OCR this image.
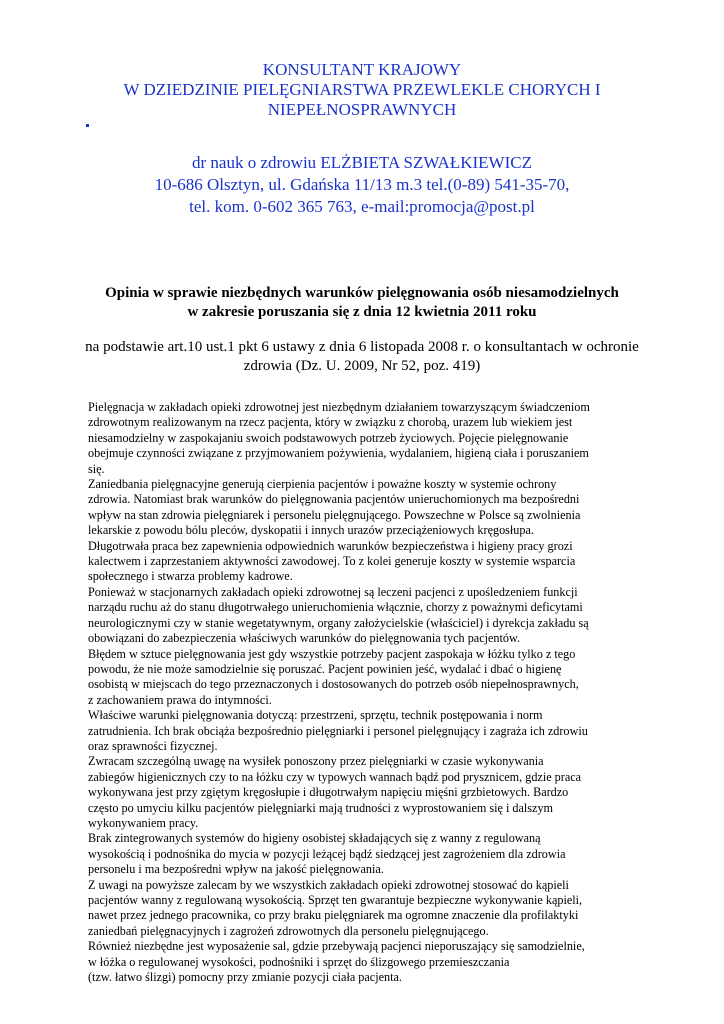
KONSULTANT KRAJOWY
W DZIEDZINIE PIELĘGNIARSTWA PRZEWLEKLE CHORYCH I
NIEPEŁNOSPRAWNYCH
dr nauk o zdrowiu ELŻBIETA SZWAŁKIEWICZ
10-686 Olsztyn, ul. Gdańska 11/13 m.3 tel.(0-89) 541-35-70,
tel. kom. 0-602 365 763, e-mail:promocja@post.pl
Opinia w sprawie niezbędnych warunków pielęgnowania osób niesamodzielnych
w zakresie poruszania się z dnia 12 kwietnia 2011 roku
na podstawie art.10 ust.1 pkt 6 ustawy z dnia 6 listopada 2008 r. o konsultantach w ochronie
zdrowia (Dz. U. 2009, Nr 52, poz. 419)
Pielęgnacja w zakładach opieki zdrowotnej jest niezbędnym działaniem towarzyszącym świadczeniom
zdrowotnym realizowanym na rzecz pacjenta, który w związku z chorobą, urazem lub wiekiem jest
niesamodzielny w zaspokajaniu swoich podstawowych potrzeb życiowych. Pojęcie pielęgnowanie
obejmuje czynności związane z przyjmowaniem pożywienia, wydalaniem, higieną ciała i poruszaniem
się.
Zaniedbania pielęgnacyjne generują cierpienia pacjentów i poważne koszty w systemie ochrony
zdrowia. Natomiast brak warunków do pielęgnowania pacjentów unieruchomionych ma bezpośredni
wpływ na stan zdrowia pielęgniarek i personelu pielęgnującego. Powszechne w Polsce są zwolnienia
lekarskie z powodu bólu pleców, dyskopatii i innych urazów przeciążeniowych kręgosłupa.
Długotrwała praca bez zapewnienia odpowiednich warunków bezpieczeństwa i higieny pracy grozi
kalectwem i zaprzestaniem aktywności zawodowej. To z kolei generuje koszty w systemie wsparcia
społecznego i stwarza problemy kadrowe.
Ponieważ w stacjonarnych zakładach opieki zdrowotnej są leczeni pacjenci z upośledzeniem funkcji
narządu ruchu aż do stanu długotrwałego unieruchomienia włącznie, chorzy z poważnymi deficytami
neurologicznymi czy w stanie wegetatywnym, organy założycielskie (właściciel) i dyrekcja zakładu są
obowiązani do zabezpieczenia właściwych warunków do pielęgnowania tych pacjentów.
Błędem w sztuce pielęgnowania jest gdy wszystkie potrzeby pacjent zaspokaja w łóżku tylko z tego
powodu, że nie może samodzielnie się poruszać. Pacjent powinien jeść, wydalać i dbać o higienę
osobistą w miejscach do tego przeznaczonych i dostosowanych do potrzeb osób niepełnosprawnych,
z zachowaniem prawa do intymności.
Właściwe warunki pielęgnowania dotyczą: przestrzeni, sprzętu, technik postępowania i norm
zatrudnienia. Ich brak obciąża bezpośrednio pielęgniarki i personel pielęgnujący i zagraża ich zdrowiu
oraz sprawności fizycznej.
Zwracam szczególną uwagę na wysiłek ponoszony przez pielęgniarki w czasie wykonywania
zabiegów higienicznych czy to na łóżku czy w typowych wannach bądź pod prysznicem, gdzie praca
wykonywana jest przy zgiętym kręgosłupie i długotrwałym napięciu mięśni grzbietowych. Bardzo
często po umyciu kilku pacjentów pielęgniarki mają trudności z wyprostowaniem się i dalszym
wykonywaniem pracy.
Brak zintegrowanych systemów do higieny osobistej składających się z wanny z regulowaną
wysokością i podnośnika do mycia w pozycji leżącej bądź siedzącej jest zagrożeniem dla zdrowia
personelu i ma bezpośredni wpływ na jakość pielęgnowania.
Z uwagi na powyższe zalecam by we wszystkich zakładach opieki zdrowotnej stosować do kąpieli
pacjentów wanny z regulowaną wysokością. Sprzęt ten gwarantuje bezpieczne wykonywanie kąpieli,
nawet przez jednego pracownika, co przy braku pielęgniarek ma ogromne znaczenie dla profilaktyki
zaniedbań pielęgnacyjnych i zagrożeń zdrowotnych dla personelu pielęgnującego.
Również niezbędne jest wyposażenie sal, gdzie przebywają pacjenci nieporuszający się samodzielnie,
w łóżka o regulowanej wysokości, podnośniki i sprzęt do ślizgowego przemieszczania
(tzw. łatwo ślizgi) pomocny przy zmianie pozycji ciała pacjenta.
